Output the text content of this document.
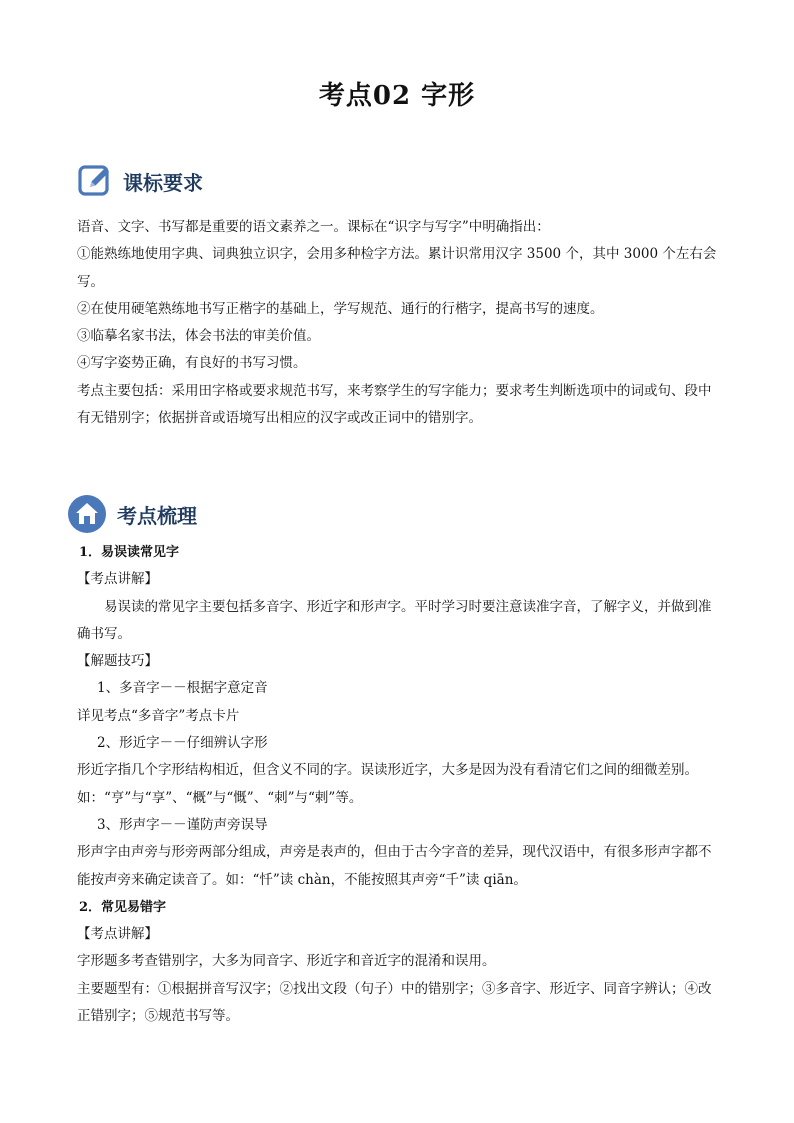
考点02 字形
课标要求

语音、文字、书写都是重要的语文素养之一。课标在“识字与写字”中明确指出：

①能熟练地使用字典、词典独立识字，会用多种检字方法。累计识常用汉字 3500 个，其中 3000 个左右会写。

②在使用硬笔熟练地书写正楷字的基础上，学写规范、通行的行楷字，提高书写的速度。

③临摹名家书法，体会书法的审美价值。

④写字姿势正确，有良好的书写习惯。

考点主要包括：采用田字格或要求规范书写，来考察学生的写字能力；要求考生判断选项中的词或句、段中有无错别字；依据拼音或语境写出相应的汉字或改正词中的错别字。

考点梳理

1．易误读常见字

【考点讲解】

易误读的常见字主要包括多音字、形近字和形声字。平时学习时要注意读准字音，了解字义，并做到准确书写。

【解题技巧】

1、多音字－－根据字意定音

详见考点“多音字”考点卡片

2、形近字－－仔细辨认字形

形近字指几个字形结构相近，但含义不同的字。误读形近字，大多是因为没有看清它们之间的细微差别。如：“亨”与“享”、“概”与“慨”、“刺”与“剌”等。

3、形声字－－谨防声旁误导

形声字由声旁与形旁两部分组成，声旁是表声的，但由于古今字音的差异，现代汉语中，有很多形声字都不能按声旁来确定读音了。如：“忏”读 chàn，不能按照其声旁“千”读 qiān。

2．常见易错字

【考点讲解】

字形题多考查错别字，大多为同音字、形近字和音近字的混淆和误用。

主要题型有：①根据拼音写汉字；②找出文段（句子）中的错别字；③多音字、形近字、同音字辨认；④改正错别字；⑤规范书写等。
